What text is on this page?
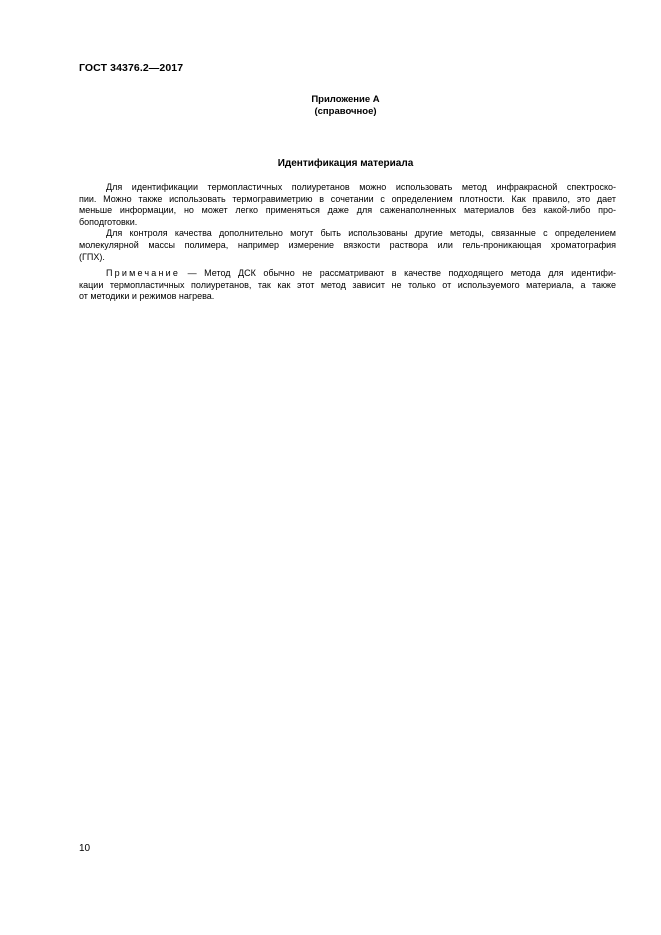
ГОСТ 34376.2—2017
Приложение А
(справочное)
Идентификация материала
Для идентификации термопластичных полиуретанов можно использовать метод инфракрасной спектроско-
пии. Можно также использовать термогравиметрию в сочетании с определением плотности. Как правило, это дает
меньше информации, но может легко применяться даже для саженаполненных материалов без какой-либо про-
боподготовки.
Для контроля качества дополнительно могут быть использованы другие методы, связанные с определением
молекулярной массы полимера, например измерение вязкости раствора или гель-проникающая хроматография
(ГПХ).
Примечание — Метод ДСК обычно не рассматривают в качестве подходящего метода для идентифи-
кации термопластичных полиуретанов, так как этот метод зависит не только от используемого материала, а также
от методики и режимов нагрева.
10
